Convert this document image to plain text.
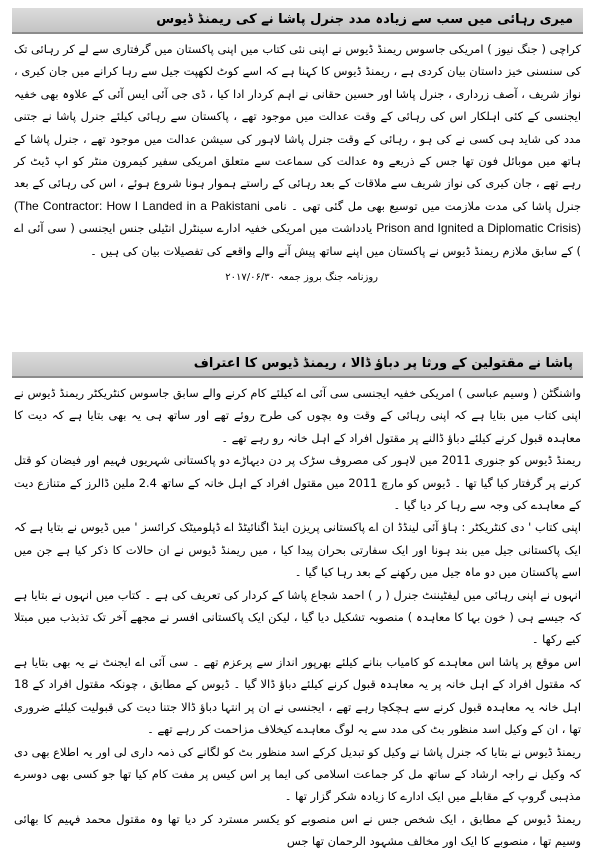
میری رہائی میں سب سے زیادہ مدد جنرل پاشا نے کی ریمنڈ ڈیوس

کراچی ( جنگ نیوز ) امریکی جاسوس ریمنڈ ڈیوس نے اپنی نئی کتاب میں اپنی پاکستان میں گرفتاری سے لے کر رہائی تک کی سنسنی خیز داستان بیان کردی ہے ، ریمنڈ ڈیوس کا کہنا ہے کہ اسے کوٹ لکھپت جیل سے رہا کرانے میں جان کیری ، نواز شریف ، آصف زرداری ، جنرل پاشا اور حسین حقانی نے اہم کردار ادا کیا ، ڈی جی آئی ایس آئی کے علاوہ بھی خفیہ ایجنسی کے کئی اہلکار اس کی رہائی کے وقت عدالت میں موجود تھے ، پاکستان سے رہائی کیلئے جنرل پاشا نے جتنی مدد کی شاید ہی کسی نے کی ہو ، رہائی کے وقت جنرل پاشا لاہور کی سیشن عدالت میں موجود تھے ، جنرل پاشا کے ہاتھ میں موبائل فون تھا جس کے ذریعے وہ عدالت کی سماعت سے متعلق امریکی سفیر کیمرون منٹر کو اپ ڈیٹ کر رہے تھے ، جان کیری کی نواز شریف سے ملاقات کے بعد رہائی کے راستے ہموار ہونا شروع ہوئے ، اس کی رہائی کے بعد جنرل پاشا کی مدت ملازمت میں توسیع بھی مل گئی تھی ۔ نامی (The Contractor: How I Landed in a Pakistani Prison and Ignited a Diplomatic Crisis) یادداشت میں امریکی خفیہ ادارے سینٹرل انٹیلی جنس ایجنسی ( سی آئی اے ) کے سابق ملازم ریمنڈ ڈیوس نے پاکستان میں اپنے ساتھ پیش آنے والے واقعے کی تفصیلات بیان کی ہیں ۔

روزنامہ جنگ بروز جمعہ ۲۰۱۷/۰۶/۳۰
پاشا نے مقتولین کے ورثا پر دباؤ ڈالا ، ریمنڈ ڈیوس کا اعتراف

واشنگٹن ( وسیم عباسی ) امریکی خفیہ ایجنسی سی آئی اے کیلئے کام کرنے والے سابق جاسوس کنٹریکٹر ریمنڈ ڈیوس نے اپنی کتاب میں بتایا ہے کہ اپنی رہائی کے وقت وہ بچوں کی طرح روئے تھے اور ساتھ ہی یہ بھی بتایا ہے کہ دیت کا معاہدہ قبول کرنے کیلئے دباؤ ڈالنے پر مقتول افراد کے اہل خانہ رو رہے تھے ۔

ریمنڈ ڈیوس کو جنوری 2011 میں لاہور کی مصروف سڑک پر دن دیہاڑے دو پاکستانی شہریوں فہیم اور فیضان کو قتل کرنے پر گرفتار کیا گیا تھا ۔ ڈیوس کو مارچ 2011 میں مقتول افراد کے اہل خانہ کے ساتھ 2.4 ملین ڈالرز کے متنازع دیت کے معاہدے کی وجہ سے رہا کر دیا گیا ۔

اپنی کتاب ' دی کنٹریکٹر : ہاؤ آئی لینڈڈ ان اے پاکستانی پریزن اینڈ اگنائیٹڈ اے ڈپلومیٹک کرائسز ' میں ڈیوس نے بتایا ہے کہ ایک پاکستانی جیل میں بند ہونا اور ایک سفارتی بحران پیدا کیا ، میں ریمنڈ ڈیوس نے ان حالات کا ذکر کیا ہے جن میں اسے پاکستان میں دو ماہ جیل میں رکھنے کے بعد رہا کیا گیا ۔

انہوں نے اپنی رہائی میں لیفٹیننٹ جنرل ( ر ) احمد شجاع پاشا کے کردار کی تعریف کی ہے ۔ کتاب میں انہوں نے بتایا ہے کہ جیسے ہی ( خون بہا کا معاہدہ ) منصوبہ تشکیل دیا گیا ، لیکن ایک پاکستانی افسر نے مجھے آخر تک تذبذب میں مبتلا کیے رکھا ۔

اس موقع پر پاشا اس معاہدے کو کامیاب بنانے کیلئے بھرپور انداز سے پرعزم تھے ۔ سی آئی اے ایجنٹ نے یہ بھی بتایا ہے کہ مقتول افراد کے اہل خانہ پر یہ معاہدہ قبول کرنے کیلئے دباؤ ڈالا گیا ۔ ڈیوس کے مطابق ، چونکہ مقتول افراد کے 18 اہل خانہ یہ معاہدہ قبول کرنے سے ہچکچا رہے تھے ، ایجنسی نے ان پر انتہا دباؤ ڈالا جتنا دیت کی قبولیت کیلئے ضروری تھا ، ان کے وکیل اسد منظور بٹ کی مدد سے یہ لوگ معاہدے کیخلاف مزاحمت کر رہے تھے ۔

ریمنڈ ڈیوس نے بتایا کہ جنرل پاشا نے وکیل کو تبدیل کرکے اسد منظور بٹ کو لگانے کی ذمہ داری لی اور یہ اطلاع بھی دی کہ وکیل نے راجہ ارشاد کے ساتھ مل کر جماعت اسلامی کی ایما پر اس کیس پر مفت کام کیا تھا جو کسی بھی دوسرے مذہبی گروپ کے مقابلے میں ایک ادارے کا زیادہ شکر گزار تھا ۔

ریمنڈ ڈیوس کے مطابق ، ایک شخص جس نے اس منصوبے کو یکسر مسترد کر دیا تھا وہ مقتول محمد فہیم کا بھائی وسیم تھا ، منصوبے کا ایک اور مخالف مشہود الرحمان تھا جس
